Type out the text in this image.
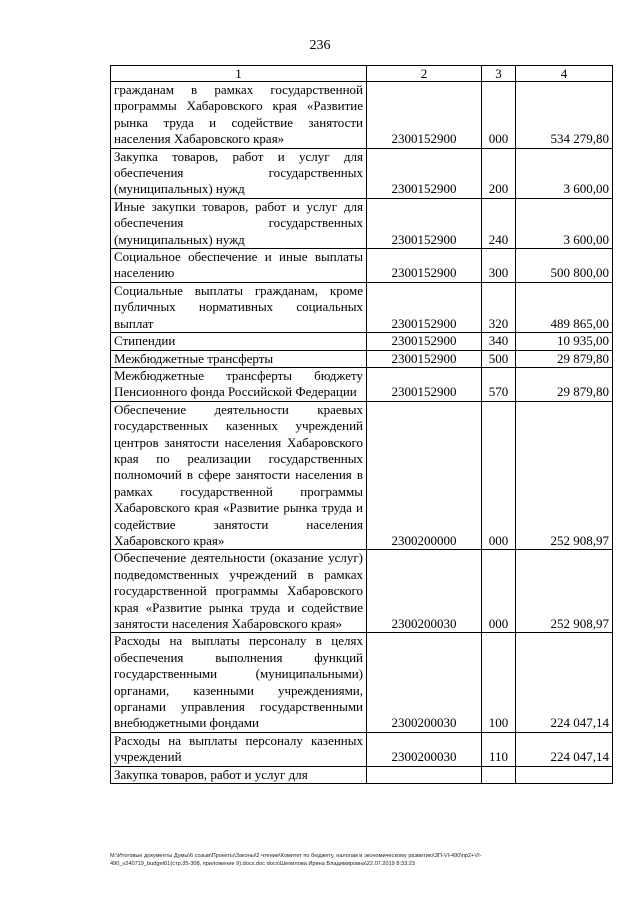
236
1	2	3	4
гражданам в рамках государственной программы Хабаровского края «Развитие рынка труда и содействие занятости населения Хабаровского края»	2300152900	000	534 279,80
Закупка товаров, работ и услуг для обеспечения государственных (муниципальных) нужд	2300152900	200	3 600,00
Иные закупки товаров, работ и услуг для обеспечения государственных (муниципальных) нужд	2300152900	240	3 600,00
Социальное обеспечение и иные выплаты населению	2300152900	300	500 800,00
Социальные выплаты гражданам, кроме публичных нормативных социальных выплат	2300152900	320	489 865,00
Стипендии	2300152900	340	10 935,00
Межбюджетные трансферты	2300152900	500	29 879,80
Межбюджетные трансферты бюджету Пенсионного фонда Российской Федерации	2300152900	570	29 879,80
Обеспечение деятельности краевых государственных казенных учреждений центров занятости населения Хабаровского края по реализации государственных полномочий в сфере занятости населения в рамках государственной программы Хабаровского края «Развитие рынка труда и содействие занятости населения Хабаровского края»	2300200000	000	252 908,97
Обеспечение деятельности (оказание услуг) подведомственных учреждений в рамках государственной программы Хабаровского края «Развитие рынка труда и содействие занятости населения Хабаровского края»	2300200030	000	252 908,97
Расходы на выплаты персоналу в целях обеспечения выполнения функций государственными (муниципальными) органами, казенными учреждениями, органами управления государственными внебюджетными фондами	2300200030	100	224 047,14
Расходы на выплаты персоналу казенных учреждений	2300200030	110	224 047,14
Закупка товаров, работ и услуг для			
М:\Итоговые документы Думы\6 созыв\Проекты\Законы\2 чтение\Комитет по бюджету, налогам и экономическому развитию\ЗП-VI-490\пр2+VI-
490_v240719_budget01(стр.35-308, приложение 9).docx.doc docx\Шепилова Ирина Владимировна\22.07.2019 8:33:23
